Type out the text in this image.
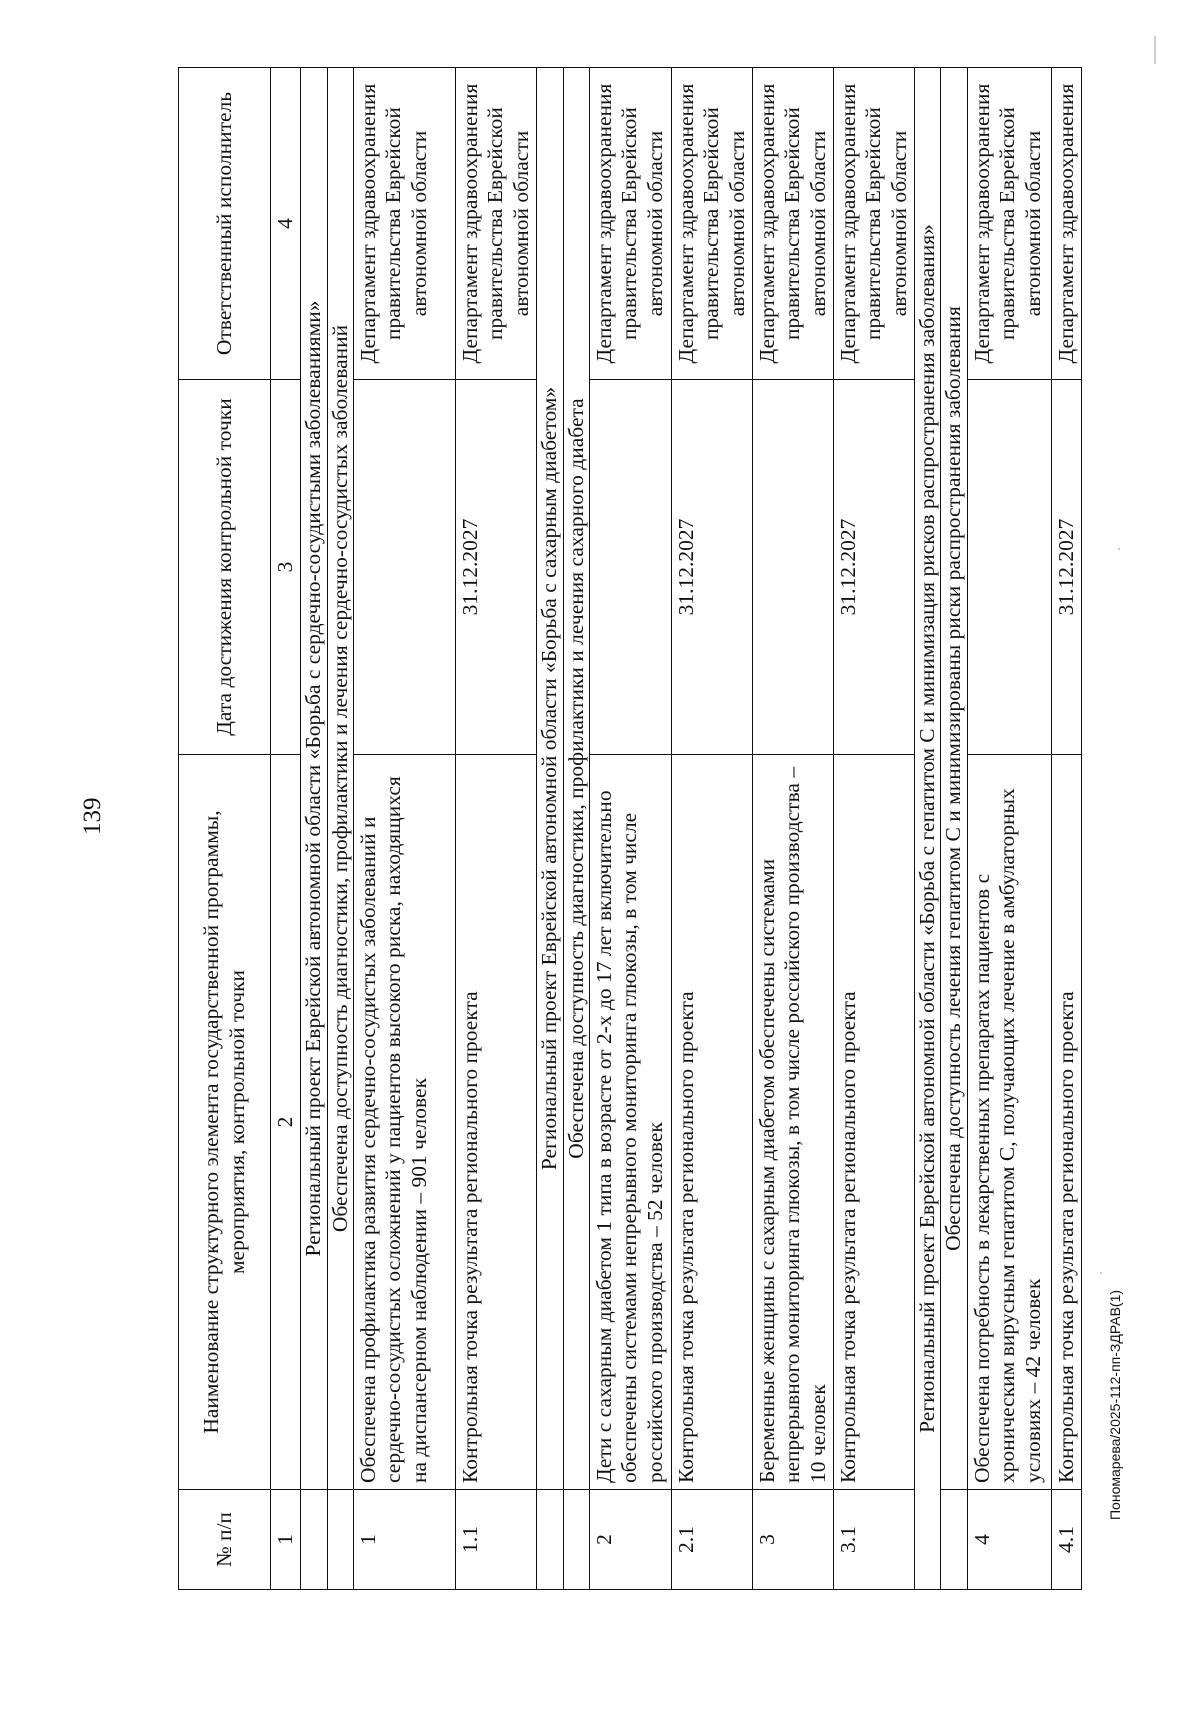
139
№ п/п	Наименование структурного элемента государственной программы, мероприятия, контрольной точки	Дата достижения контрольной точки	Ответственный исполнитель
1	2	3	4
	Региональный проект Еврейской автономной области «Борьба с сердечно-сосудистыми заболеваниями»		
	Обеспечена доступность диагностики, профилактики и лечения сердечно-сосудистых заболеваний		
1	Обеспечена профилактика развития сердечно-сосудистых заболеваний и сердечно-сосудистых осложнений у пациентов высокого риска, находящихся на диспансерном наблюдении – 901 человек		Департамент здравоохранения правительства Еврейской автономной области
1.1	Контрольная точка результата регионального проекта	31.12.2027	Департамент здравоохранения правительства Еврейской автономной области
	Региональный проект Еврейской автономной области «Борьба с сахарным диабетом»		
	Обеспечена доступность диагностики, профилактики и лечения сахарного диабета		
2	Дети с сахарным диабетом 1 типа в возрасте от 2-х до 17 лет включительно обеспечены системами непрерывного мониторинга глюкозы, в том числе российского производства – 52 человек		Департамент здравоохранения правительства Еврейской автономной области
2.1	Контрольная точка результата регионального проекта	31.12.2027	Департамент здравоохранения правительства Еврейской автономной области
3	Беременные женщины с сахарным диабетом обеспечены системами непрерывного мониторинга глюкозы, в том числе российского производства – 10 человек		Департамент здравоохранения правительства Еврейской автономной области
3.1	Контрольная точка результата регионального проекта	31.12.2027	Департамент здравоохранения правительства Еврейской автономной области
Региональный проект Еврейской автономной области «Борьба с гепатитом С и минимизация рисков распространения заболевания»			
	Обеспечена доступность лечения гепатитом С и минимизированы риски распространения заболевания		
4	Обеспечена потребность в лекарственных препаратах пациентов с хроническим вирусным гепатитом С, получающих лечение в амбулаторных условиях – 42 человек		Департамент здравоохранения правительства Еврейской автономной области
4.1	Контрольная точка результата регионального проекта	31.12.2027	Департамент здравоохранения
Пономарева/2025-112-пп-ЗДРАВ(1)
